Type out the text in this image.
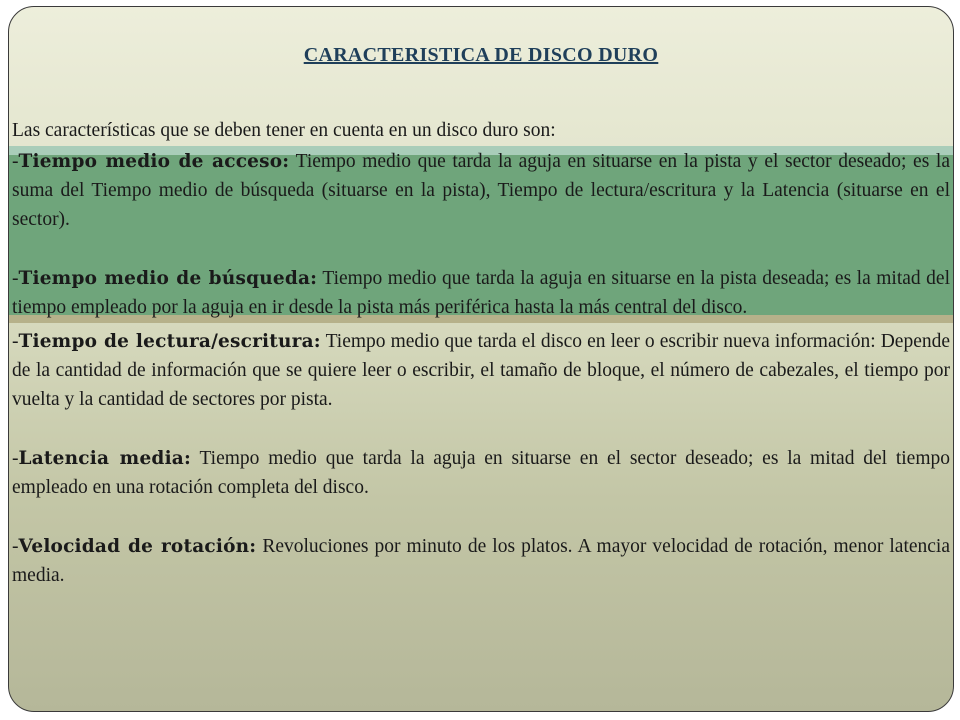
CARACTERISTICA DE DISCO DURO

Las características que se deben tener en cuenta en un disco duro son:

-Tiempo medio de acceso: Tiempo medio que tarda la aguja en situarse en la pista y el sector deseado; es la suma del Tiempo medio de búsqueda (situarse en la pista), Tiempo de lectura/escritura y la Latencia (situarse en el sector).

-Tiempo medio de búsqueda: Tiempo medio que tarda la aguja en situarse en la pista deseada; es la mitad del tiempo empleado por la aguja en ir desde la pista más periférica hasta la más central del disco.

-Tiempo de lectura/escritura: Tiempo medio que tarda el disco en leer o escribir nueva información: Depende de la cantidad de información que se quiere leer o escribir, el tamaño de bloque, el número de cabezales, el tiempo por vuelta y la cantidad de sectores por pista.

-Latencia media: Tiempo medio que tarda la aguja en situarse en el sector deseado; es la mitad del tiempo empleado en una rotación completa del disco.

-Velocidad de rotación: Revoluciones por minuto de los platos. A mayor velocidad de rotación, menor latencia media.
